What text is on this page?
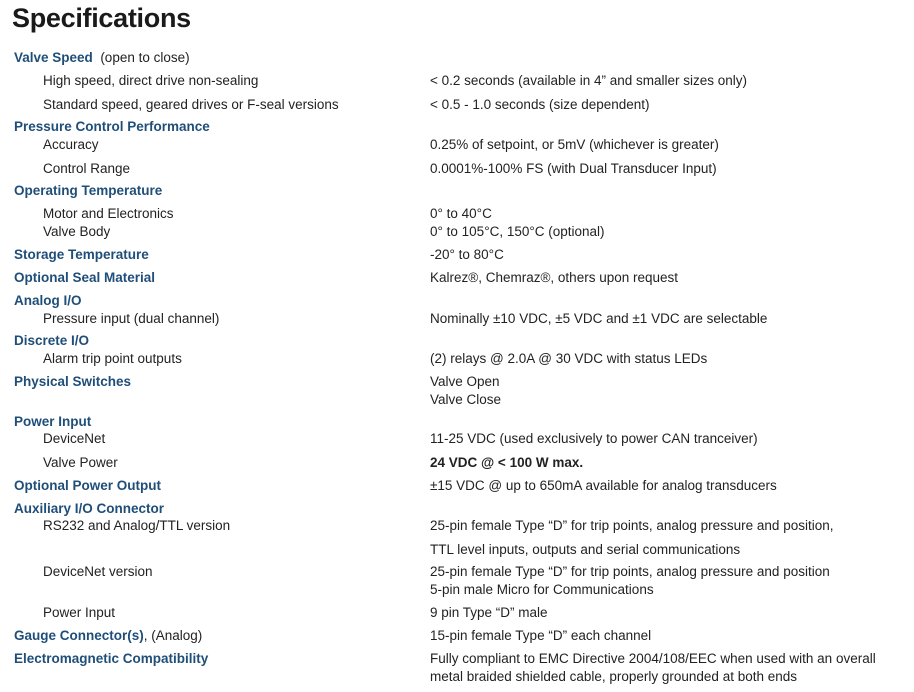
Specifications
Valve Speed  (open to close)
High speed, direct drive non-sealing	< 0.2 seconds (available in 4” and smaller sizes only)
Standard speed, geared drives or F-seal versions	< 0.5 - 1.0 seconds (size dependent)
Pressure Control Performance
Accuracy	0.25% of setpoint, or 5mV (whichever is greater)
Control Range	0.0001%-100% FS (with Dual Transducer Input)
Operating Temperature
Motor and Electronics	0° to 40°C
Valve Body	0° to 105°C, 150°C (optional)
Storage Temperature	-20° to 80°C
Optional Seal Material	Kalrez®, Chemraz®, others upon request
Analog I/O
Pressure input (dual channel)	Nominally ±10 VDC, ±5 VDC and ±1 VDC are selectable
Discrete I/O
Alarm trip point outputs	(2) relays @ 2.0A @ 30 VDC with status LEDs
Physical Switches	Valve Open
Valve Close
Power Input
DeviceNet	11-25 VDC (used exclusively to power CAN tranceiver)
Valve Power	24 VDC @ < 100 W max.
Optional Power Output	±15 VDC @ up to 650mA available for analog transducers
Auxiliary I/O Connector
RS232 and Analog/TTL version	25-pin female Type “D” for trip points, analog pressure and position,
TTL level inputs, outputs and serial communications
DeviceNet version	25-pin female Type “D” for trip points, analog pressure and position
5-pin male Micro for Communications
Power Input	9 pin Type “D” male
Gauge Connector(s), (Analog)	15-pin female Type “D” each channel
Electromagnetic Compatibility	Fully compliant to EMC Directive 2004/108/EEC when used with an overall
metal braided shielded cable, properly grounded at both ends
